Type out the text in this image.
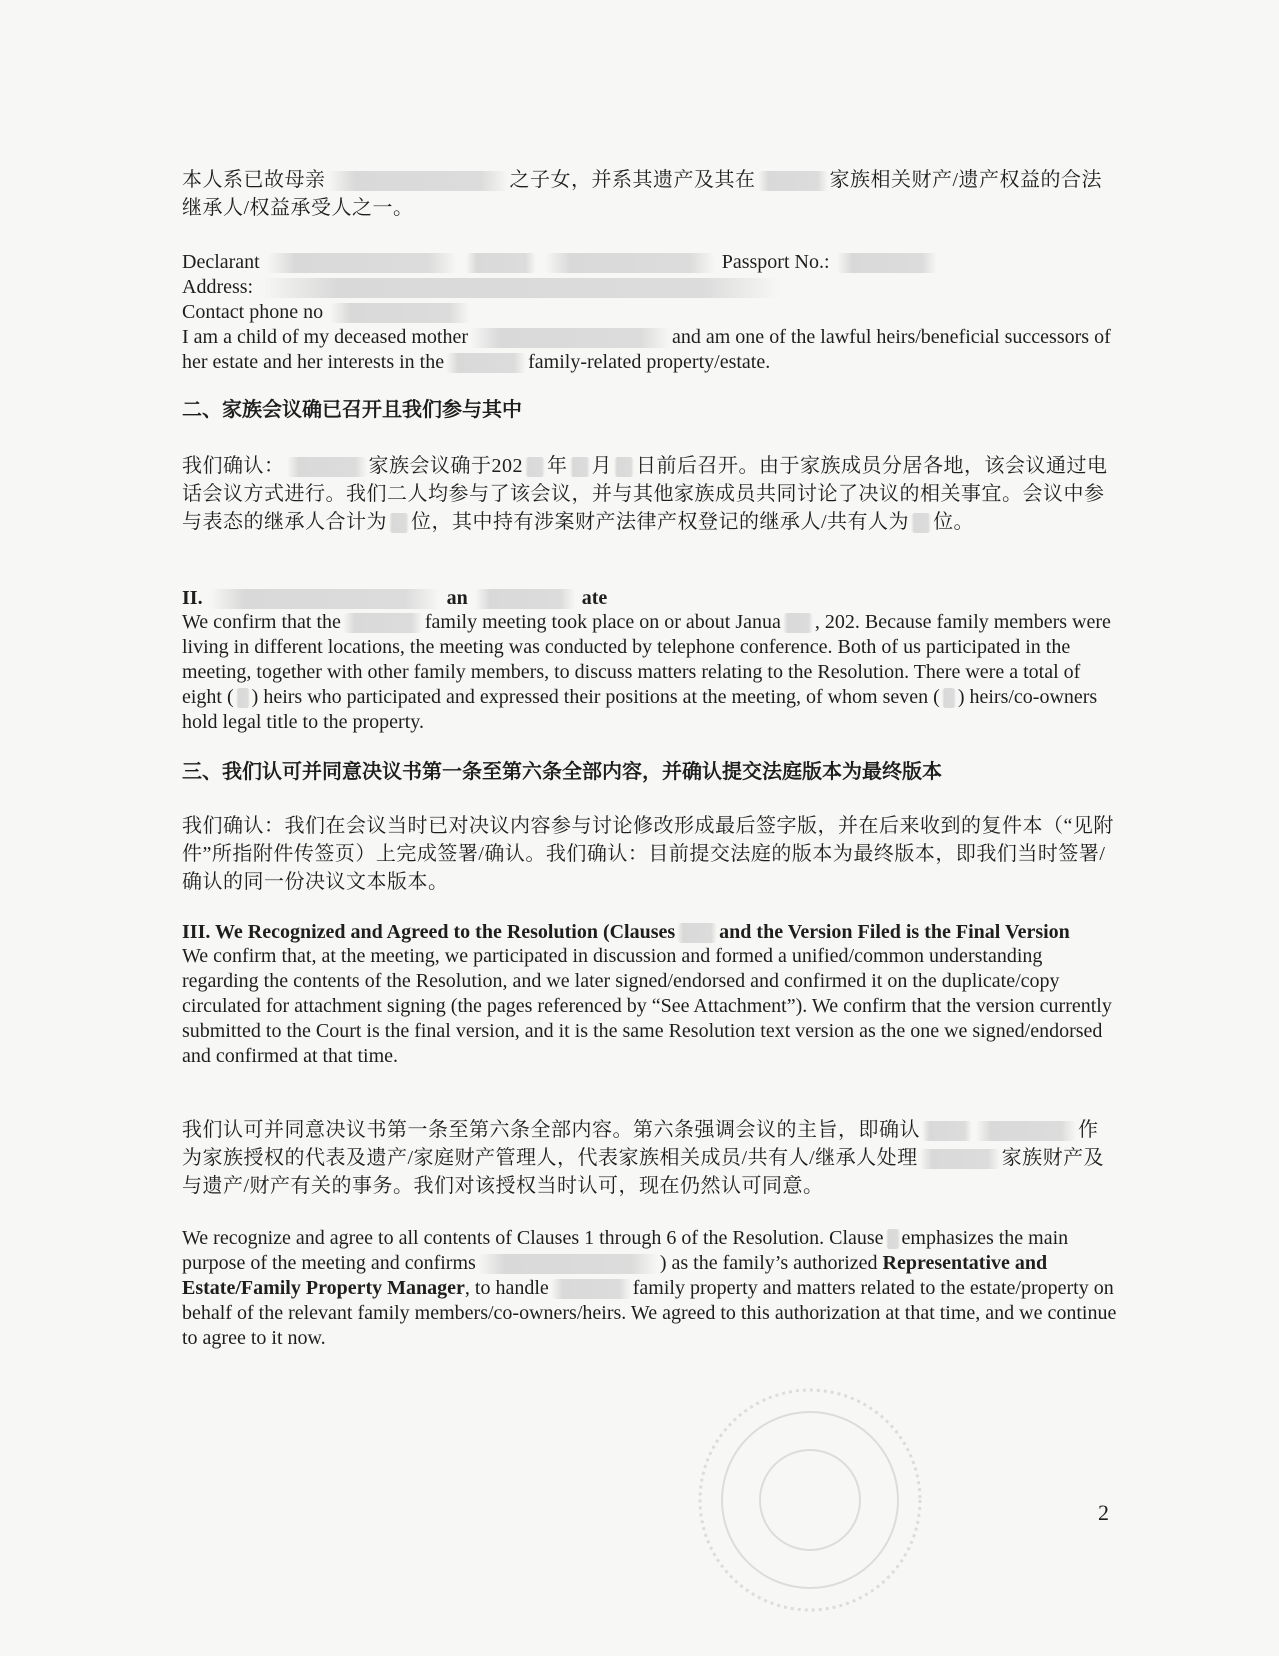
本人系已故母亲	之子女，并系其遗产及其在	家族相关财产/遗产权益的合法继承人/权益承受人之一。
Declarant	Passport No.:
Address:
Contact phone no
I am a child of my deceased mother	and am one of the lawful heirs/beneficial successors of her estate and her interests in the	family-related property/estate.
二、家族会议确已召开且我们参与其中
我们确认：	家族会议确于202 年 月 日前后召开。由于家族成员分居各地，该会议通过电话会议方式进行。我们二人均参与了该会议，并与其他家族成员共同讨论了决议的相关事宜。会议中参与表态的继承人合计为 位，其中持有涉案财产法律产权登记的继承人/共有人为 位。
II.	an	ate
We confirm that the	family meeting took place on or about Janua , 202. Because family members were living in different locations, the meeting was conducted by telephone conference. Both of us participated in the meeting, together with other family members, to discuss matters relating to the Resolution. There were a total of eight ( ) heirs who participated and expressed their positions at the meeting, of whom seven ( ) heirs/co-owners hold legal title to the property.
三、我们认可并同意决议书第一条至第六条全部内容，并确认提交法庭版本为最终版本
我们确认：我们在会议当时已对决议内容参与讨论修改形成最后签字版，并在后来收到的复件本（“见附件”所指附件传签页）上完成签署/确认。我们确认：目前提交法庭的版本为最终版本，即我们当时签署/确认的同一份决议文本版本。
III. We Recognized and Agreed to the Resolution (Clauses and the Version Filed is the Final Version
We confirm that, at the meeting, we participated in discussion and formed a unified/common understanding regarding the contents of the Resolution, and we later signed/endorsed and confirmed it on the duplicate/copy circulated for attachment signing (the pages referenced by “See Attachment”). We confirm that the version currently submitted to the Court is the final version, and it is the same Resolution text version as the one we signed/endorsed and confirmed at that time.
我们认可并同意决议书第一条至第六条全部内容。第六条强调会议的主旨，即确认	作为家族授权的代表及遗产/家庭财产管理人，代表家族相关成员/共有人/继承人处理	家族财产及与遗产/财产有关的事务。我们对该授权当时认可，现在仍然认可同意。
We recognize and agree to all contents of Clauses 1 through 6 of the Resolution. Clause emphasizes the main purpose of the meeting and confirms	) as the family’s authorized Representative and Estate/Family Property Manager, to handle	family property and matters related to the estate/property on behalf of the relevant family members/co-owners/heirs. We agreed to this authorization at that time, and we continue to agree to it now.
2
